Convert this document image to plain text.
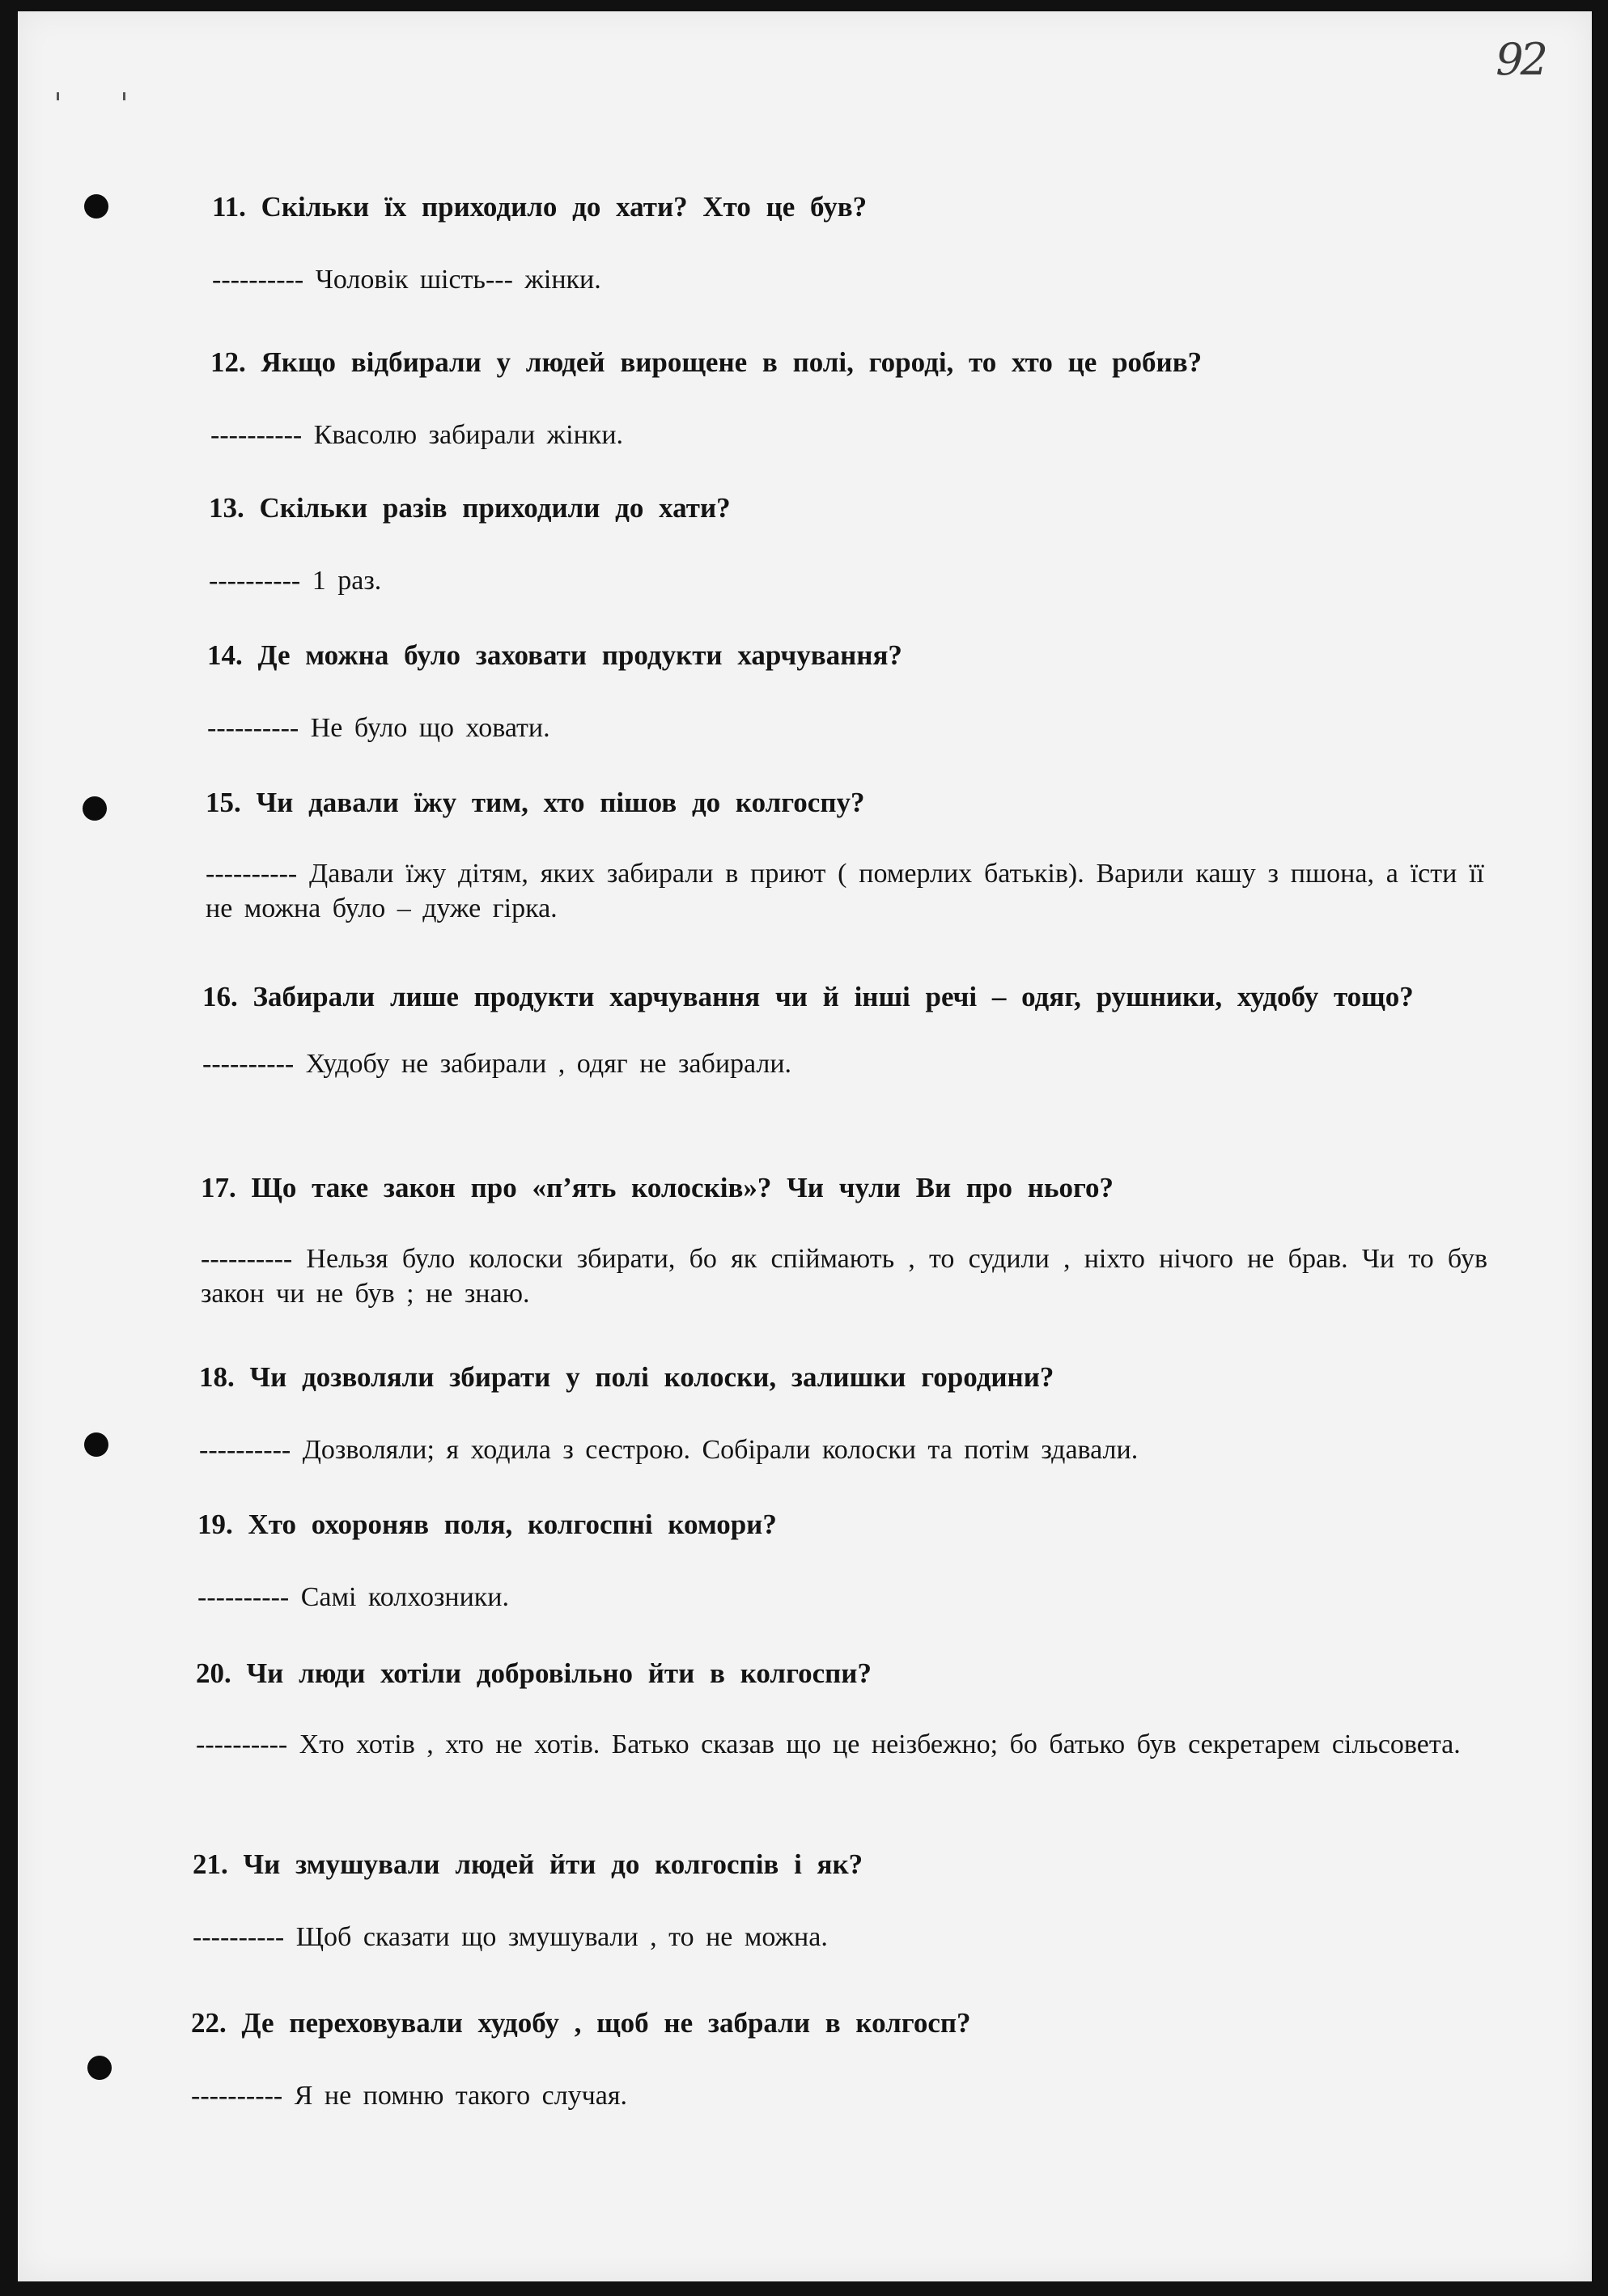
92
11. Скільки їх приходило до хати? Хто це був?
---------- Чоловік шість--- жінки.
12. Якщо відбирали у людей вирощене в полі, городі, то хто це робив?
---------- Квасолю забирали жінки.
13. Скільки разів приходили до хати?
---------- 1 раз.
14. Де можна було заховати продукти харчування?
---------- Не було що ховати.
15. Чи давали їжу тим, хто пішов до колгоспу?
---------- Давали їжу дітям, яких забирали в приют ( померлих батьків). Варили кашу з пшона, а їсти її не можна було – дуже гірка.
16. Забирали лише продукти харчування чи й інші речі – одяг, рушники, худобу тощо?
---------- Худобу не забирали , одяг не забирали.
17. Що таке закон про «п’ять колосків»? Чи чули Ви про нього?
---------- Нельзя було колоски збирати, бо як спіймають , то судили , ніхто нічого не брав. Чи то був закон чи не був ; не знаю.
18. Чи дозволяли збирати у полі колоски, залишки городини?
---------- Дозволяли; я ходила з сестрою. Собірали колоски та потім здавали.
19. Хто охороняв поля, колгоспні комори?
---------- Самі колхозники.
20. Чи люди хотіли добровільно йти в колгоспи?
---------- Хто хотів , хто не хотів. Батько сказав що це неізбежно; бо батько був секретарем сільсовета.
21. Чи змушували людей йти до колгоспів і як?
---------- Щоб сказати що змушували , то не можна.
22. Де переховували худобу , щоб не забрали в колгосп?
---------- Я не помню такого случая.
